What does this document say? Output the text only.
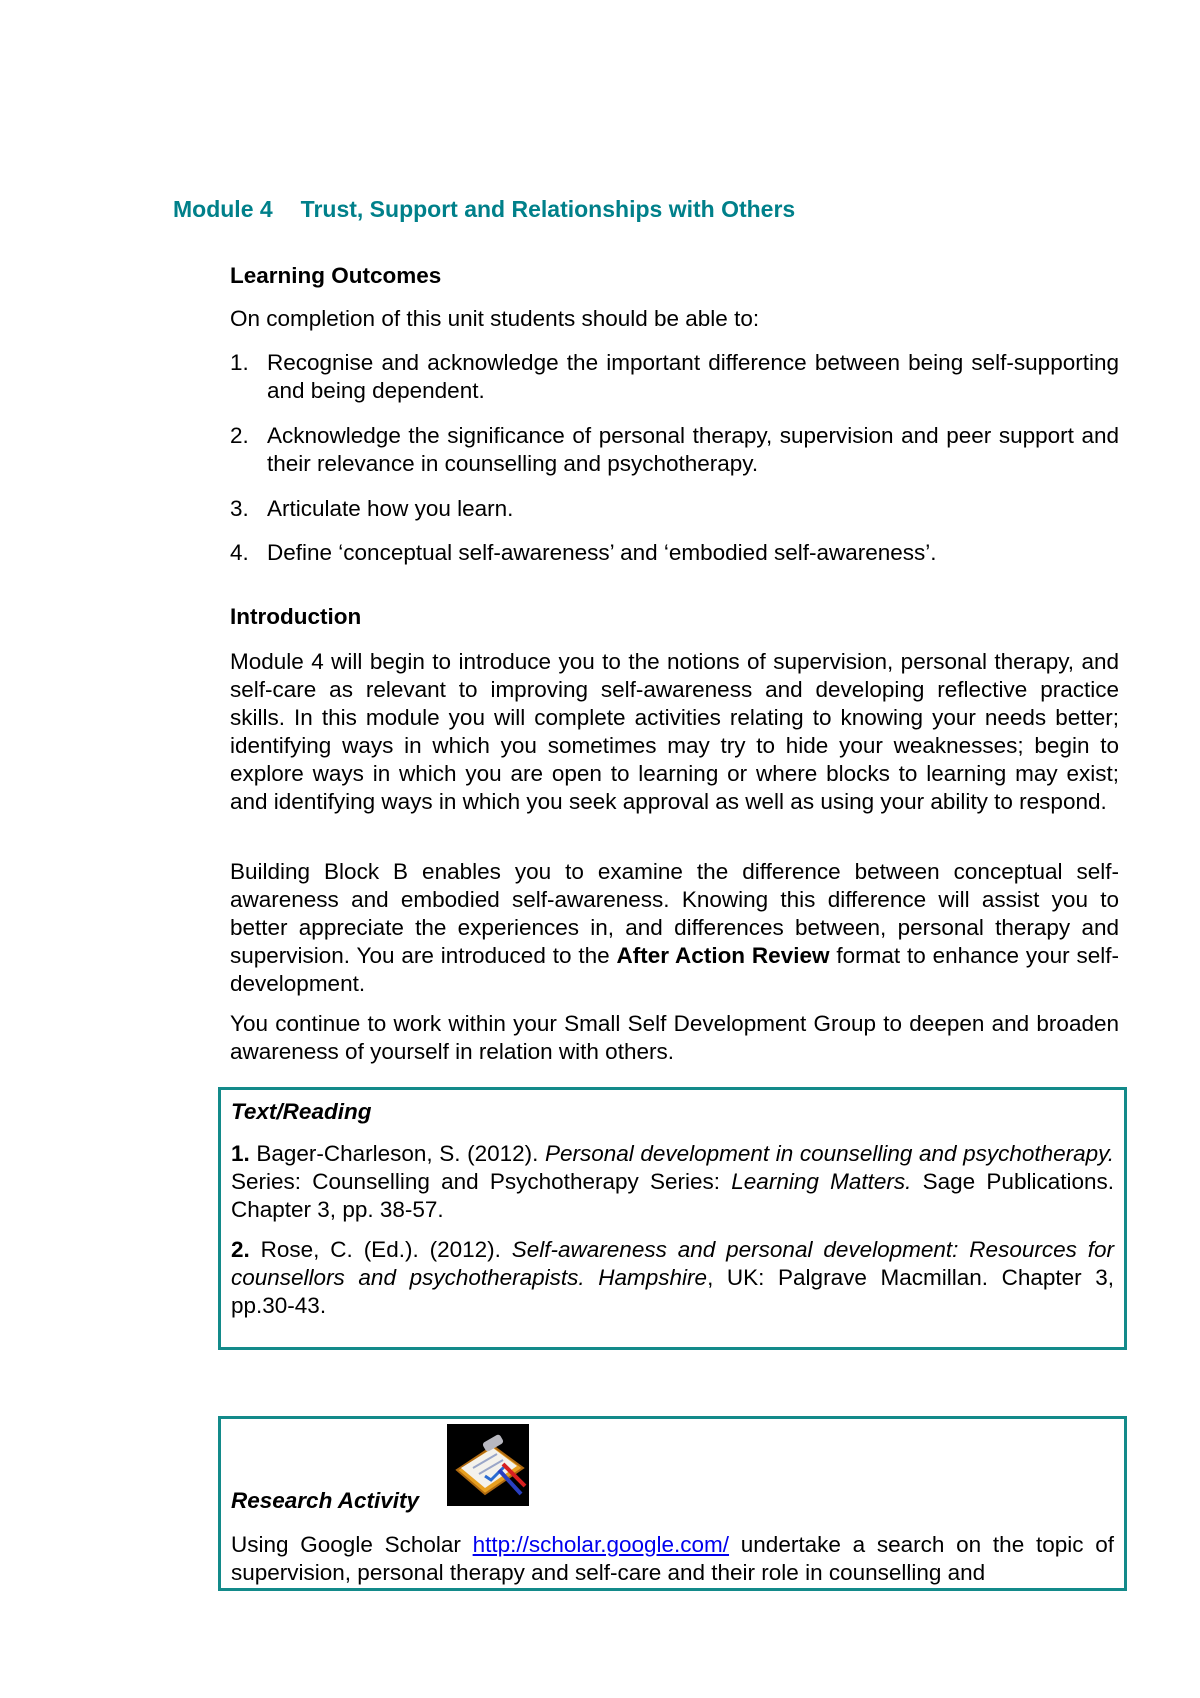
Module 4 Trust, Support and Relationships with Others
Learning Outcomes

On completion of this unit students should be able to:

1. Recognise and acknowledge the important difference between being self-supporting and being dependent.

2. Acknowledge the significance of personal therapy, supervision and peer support and their relevance in counselling and psychotherapy.

3. Articulate how you learn.

4. Define ‘conceptual self-awareness’ and ‘embodied self-awareness’.

Introduction

Module 4 will begin to introduce you to the notions of supervision, personal therapy, and self-care as relevant to improving self-awareness and developing reflective practice skills. In this module you will complete activities relating to knowing your needs better; identifying ways in which you sometimes may try to hide your weaknesses; begin to explore ways in which you are open to learning or where blocks to learning may exist; and identifying ways in which you seek approval as well as using your ability to respond.

Building Block B enables you to examine the difference between conceptual self-awareness and embodied self-awareness. Knowing this difference will assist you to better appreciate the experiences in, and differences between, personal therapy and supervision. You are introduced to the After Action Review format to enhance your self-development.

You continue to work within your Small Self Development Group to deepen and broaden awareness of yourself in relation with others.

Text/Reading

1. Bager-Charleson, S. (2012). Personal development in counselling and psychotherapy. Series: Counselling and Psychotherapy Series: Learning Matters. Sage Publications. Chapter 3, pp. 38-57.

2. Rose, C. (Ed.). (2012). Self-awareness and personal development: Resources for counsellors and psychotherapists. Hampshire, UK: Palgrave Macmillan. Chapter 3, pp.30-43.

Research Activity

Using Google Scholar http://scholar.google.com/ undertake a search on the topic of supervision, personal therapy and self-care and their role in counselling and
